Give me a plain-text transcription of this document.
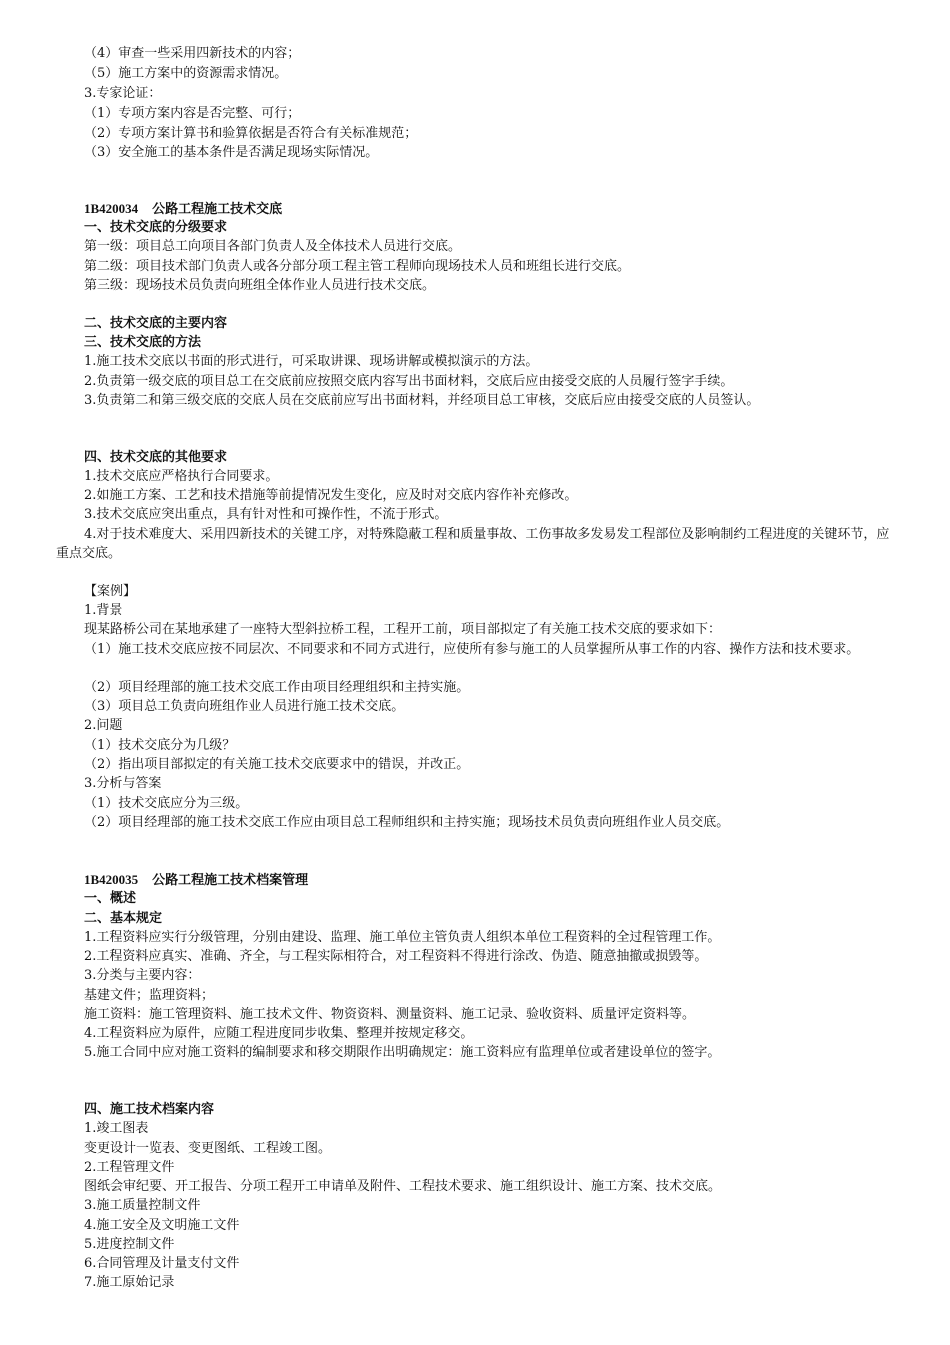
（4）审查一些采用四新技术的内容；
（5）施工方案中的资源需求情况。
3.专家论证：
（1）专项方案内容是否完整、可行；
（2）专项方案计算书和验算依据是否符合有关标准规范；
（3）安全施工的基本条件是否满足现场实际情况。
1B420034 公路工程施工技术交底
一、技术交底的分级要求
第一级：项目总工向项目各部门负责人及全体技术人员进行交底。
第二级：项目技术部门负责人或各分部分项工程主管工程师向现场技术人员和班组长进行交底。
第三级：现场技术员负责向班组全体作业人员进行技术交底。
二、技术交底的主要内容
三、技术交底的方法
1.施工技术交底以书面的形式进行，可采取讲课、现场讲解或模拟演示的方法。
2.负责第一级交底的项目总工在交底前应按照交底内容写出书面材料，交底后应由接受交底的人员履行签字手续。
3.负责第二和第三级交底的交底人员在交底前应写出书面材料，并经项目总工审核，交底后应由接受交底的人员签认。
四、技术交底的其他要求
1.技术交底应严格执行合同要求。
2.如施工方案、工艺和技术措施等前提情况发生变化，应及时对交底内容作补充修改。
3.技术交底应突出重点，具有针对性和可操作性，不流于形式。
4.对于技术难度大、采用四新技术的关键工序，对特殊隐蔽工程和质量事故、工伤事故多发易发工程部位及影响制约工程进度的关键环节，应重点交底。
【案例】
1.背景
现某路桥公司在某地承建了一座特大型斜拉桥工程，工程开工前，项目部拟定了有关施工技术交底的要求如下：
（1）施工技术交底应按不同层次、不同要求和不同方式进行，应使所有参与施工的人员掌握所从事工作的内容、操作方法和技术要求。
（2）项目经理部的施工技术交底工作由项目经理组织和主持实施。
（3）项目总工负责向班组作业人员进行施工技术交底。
2.问题
（1）技术交底分为几级？
（2）指出项目部拟定的有关施工技术交底要求中的错误，并改正。
3.分析与答案
（1）技术交底应分为三级。
（2）项目经理部的施工技术交底工作应由项目总工程师组织和主持实施；现场技术员负责向班组作业人员交底。
1B420035 公路工程施工技术档案管理
一、概述
二、基本规定
1.工程资料应实行分级管理，分别由建设、监理、施工单位主管负责人组织本单位工程资料的全过程管理工作。
2.工程资料应真实、准确、齐全，与工程实际相符合，对工程资料不得进行涂改、伪造、随意抽撤或损毁等。
3.分类与主要内容：
基建文件；监理资料；
施工资料：施工管理资料、施工技术文件、物资资料、测量资料、施工记录、验收资料、质量评定资料等。
4.工程资料应为原件，应随工程进度同步收集、整理并按规定移交。
5.施工合同中应对施工资料的编制要求和移交期限作出明确规定：施工资料应有监理单位或者建设单位的签字。
四、施工技术档案内容
1.竣工图表
变更设计一览表、变更图纸、工程竣工图。
2.工程管理文件
图纸会审纪要、开工报告、分项工程开工申请单及附件、工程技术要求、施工组织设计、施工方案、技术交底。
3.施工质量控制文件
4.施工安全及文明施工文件
5.进度控制文件
6.合同管理及计量支付文件
7.施工原始记录
